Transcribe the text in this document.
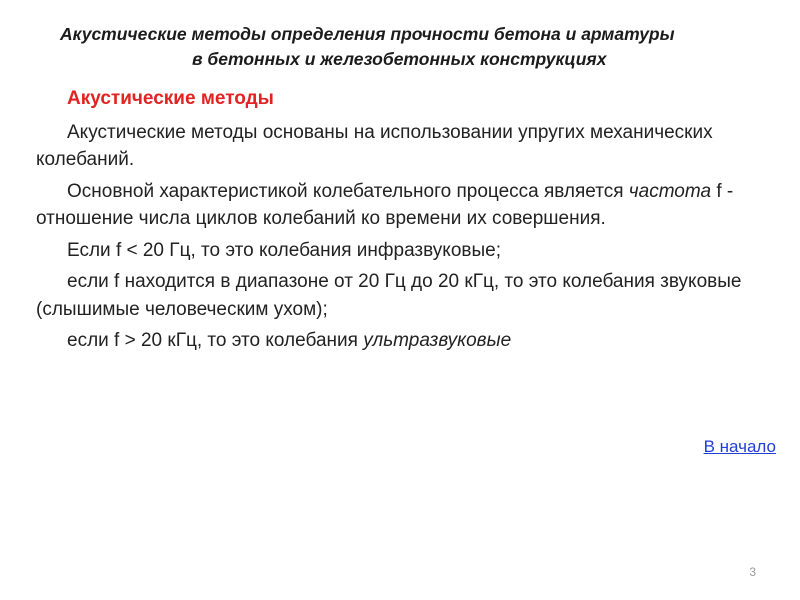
Акустические методы определения прочности бетона и арматуры
в бетонных и железобетонных конструкциях

Акустические методы

Акустические методы основаны на использовании упругих механических колебаний.

Основной характеристикой колебательного процесса является частота f - отношение числа циклов колебаний ко времени их совершения.

Если f < 20 Гц, то это колебания инфразвуковые;

если f находится в диапазоне от 20 Гц до 20 кГц, то это колебания звуковые (слышимые человеческим ухом);

если f > 20 кГц, то это колебания ультразвуковые

В начало
3
